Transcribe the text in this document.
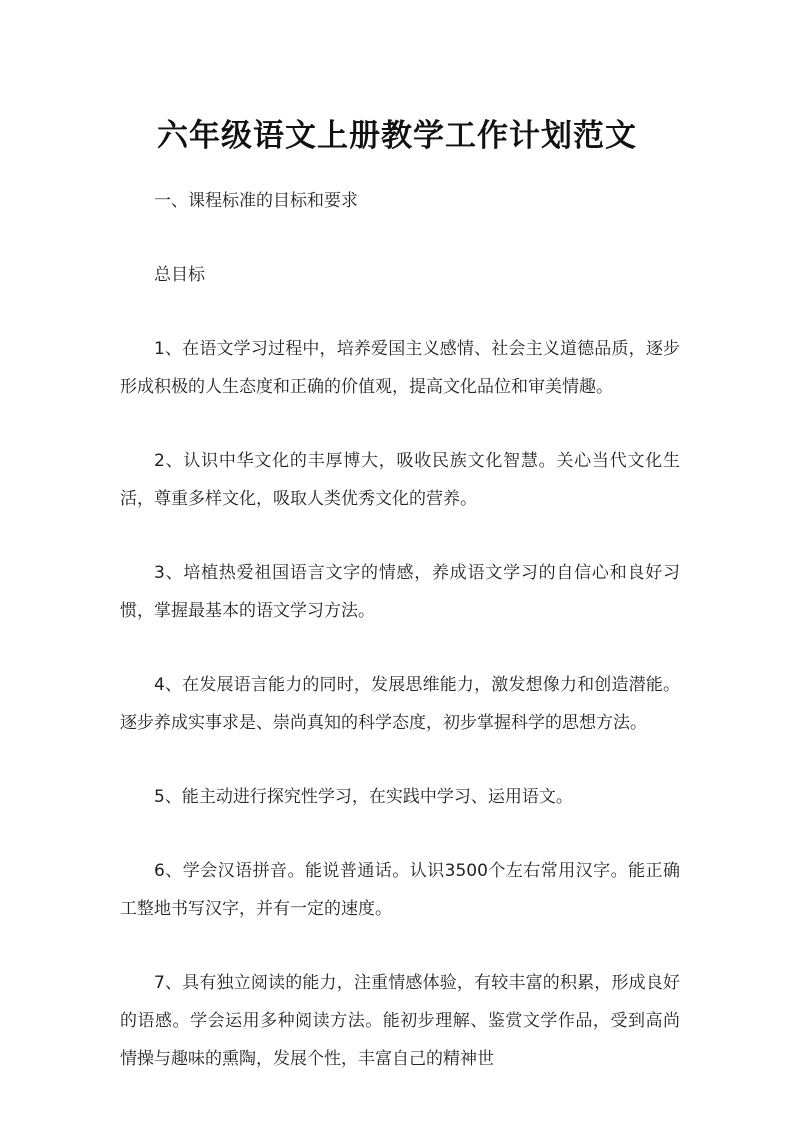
六年级语文上册教学工作计划范文

一、课程标准的目标和要求

总目标

1、在语文学习过程中，培养爱国主义感情、社会主义道德品质，逐步形成积极的人生态度和正确的价值观，提高文化品位和审美情趣。

2、认识中华文化的丰厚博大，吸收民族文化智慧。关心当代文化生活，尊重多样文化，吸取人类优秀文化的营养。

3、培植热爱祖国语言文字的情感，养成语文学习的自信心和良好习惯，掌握最基本的语文学习方法。

4、在发展语言能力的同时，发展思维能力，激发想像力和创造潜能。逐步养成实事求是、崇尚真知的科学态度，初步掌握科学的思想方法。

5、能主动进行探究性学习，在实践中学习、运用语文。

6、学会汉语拼音。能说普通话。认识3500个左右常用汉字。能正确工整地书写汉字，并有一定的速度。

7、具有独立阅读的能力，注重情感体验，有较丰富的积累，形成良好的语感。学会运用多种阅读方法。能初步理解、鉴赏文学作品，受到高尚情操与趣味的熏陶，发展个性，丰富自己的精神世
